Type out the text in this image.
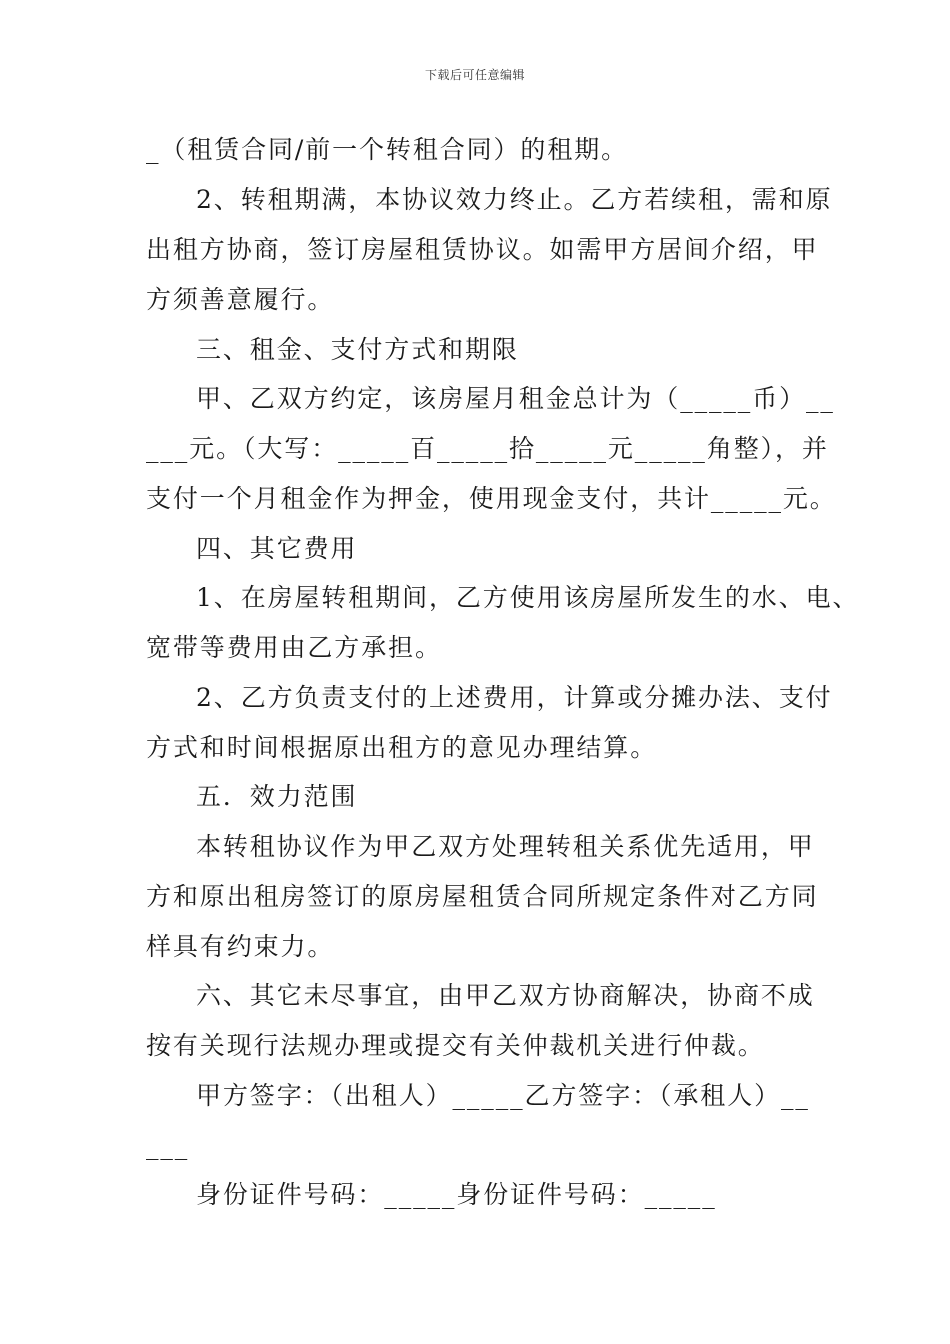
下载后可任意编辑
_（租赁合同/前一个转租合同）的租期。
2、转租期满，本协议效力终止。乙方若续租，需和原
出租方协商，签订房屋租赁协议。如需甲方居间介绍，甲
方须善意履行。
三、租金、支付方式和期限
甲、乙双方约定，该房屋月租金总计为（_____币）__
___元。（大写：_____百_____拾_____元_____角整），并
支付一个月租金作为押金，使用现金支付，共计_____元。
四、其它费用
1、在房屋转租期间，乙方使用该房屋所发生的水、电、
宽带等费用由乙方承担。
2、乙方负责支付的上述费用，计算或分摊办法、支付
方式和时间根据原出租方的意见办理结算。
五．效力范围
本转租协议作为甲乙双方处理转租关系优先适用，甲
方和原出租房签订的原房屋租赁合同所规定条件对乙方同
样具有约束力。
六、其它未尽事宜，由甲乙双方协商解决，协商不成
按有关现行法规办理或提交有关仲裁机关进行仲裁。
甲方签字：（出租人）_____乙方签字：（承租人）__
___
身份证件号码：_____身份证件号码：_____
